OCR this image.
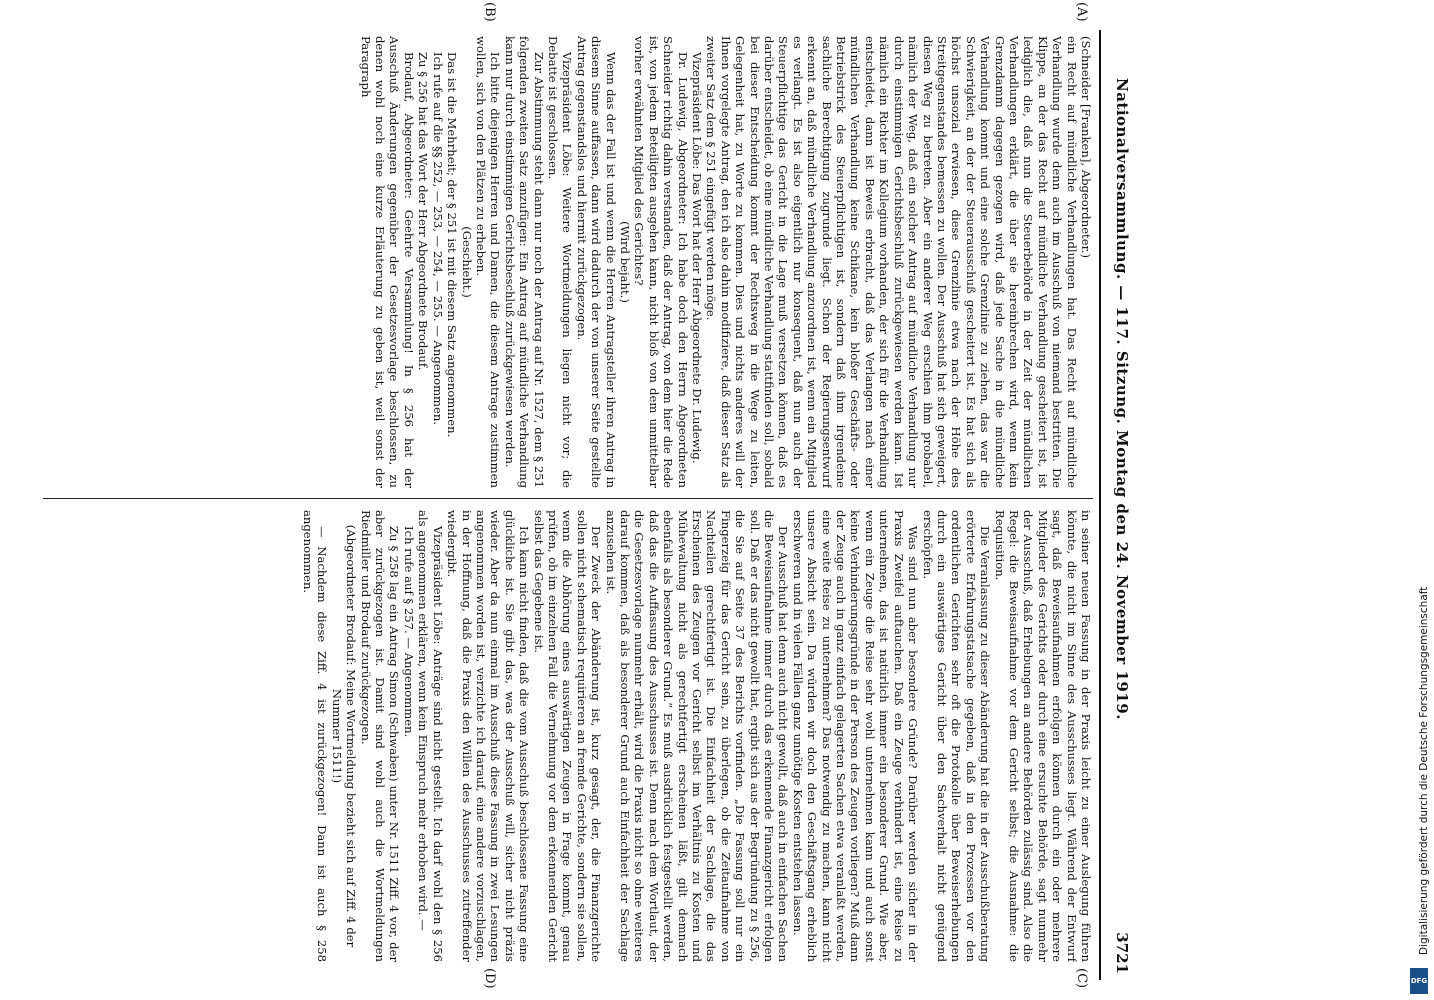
Nationalversammlung. — 117. Sitzung. Montag den 24. November 1919.
3721
(A)
(B)
(C)
(D)

(Schneider [Franken], Abgeordneter.)

ein Recht auf mündliche Verhandlungen hat. Das Recht auf mündliche Verhandlung wurde denn auch im Ausschuß von niemand bestritten. Die Klippe, an der das Recht auf mündliche Verhandlung gescheitert ist, ist lediglich die, daß nun die Steuerbehörde in der Zeit der mündlichen Verhandlungen erklärt, die über sie hereinbrechen wird, wenn kein Grenzdamm dagegen gezogen wird, daß jede Sache in die mündliche Verhandlung kommt und eine solche Grenzlinie zu ziehen, das war die Schwierigkeit, an der der Steuerausschuß gescheitert ist. Es hat sich als höchst unsozial erwiesen, diese Grenzlinie etwa nach der Höhe des Streitgegenstandes bemessen zu wollen. Der Ausschuß hat sich geweigert, diesen Weg zu betreten. Aber ein anderer Weg erschien ihm probabel, nämlich der Weg, daß ein solcher Antrag auf mündliche Verhandlung nur durch einstimmigen Gerichtsbeschluß zurückgewiesen werden kann. Ist nämlich ein Richter im Kollegium vorhanden, der sich für die Verhandlung entscheidet, dann ist Beweis erbracht, daß das Verlangen nach einer mündlichen Verhandlung keine Schikane, kein bloßer Geschäfts- oder Betriebstrick des Steuerpflichtigen ist, sondern daß ihm irgendeine sachliche Berechtigung zugrunde liegt. Schon der Regierungsentwurf erkennt an, daß mündliche Verhandlung anzuordnen ist, wenn ein Mitglied es verlangt. Es ist also eigentlich nur konsequent, daß nun auch der Steuerpflichtige das Gericht in die Lage muß versetzen können, daß es darüber entscheidet, ob eine mündliche Verhandlung stattfinden soll, sobald bei dieser Entscheidung kommt der Rechtsweg in die Wege zu leiten, Gelegenheit hat, zu Worte zu kommen. Dies und nichts anderes will der Ihnen vorgelegte Antrag, den ich also dahin modifiziere, daß dieser Satz als zweiter Satz dem § 251 eingefügt werden möge.

Vizepräsident Löbe: Das Wort hat der Herr Abgeordnete Dr. Ludewig.

Dr. Ludewig, Abgeordneter: Ich habe doch den Herrn Abgeordneten Schneider richtig dahin verstanden, daß der Antrag, von dem hier die Rede ist, von jedem Beteiligten ausgehen kann, nicht bloß von dem unmittelbar vorher erwähnten Mitglied des Gerichtes?

(Wird bejaht.)

Wenn das der Fall ist und wenn die Herren Antragsteller ihren Antrag in diesem Sinne auffassen, dann wird dadurch der von unserer Seite gestellte Antrag gegenstandslos und hiermit zurückgezogen.

Vizepräsident Löbe: Weitere Wortmeldungen liegen nicht vor; die Debatte ist geschlossen.

Zur Abstimmung steht dann nur noch der Antrag auf Nr. 1527, dem § 251 folgenden zweiten Satz anzufügen: Ein Antrag auf mündliche Verhandlung kann nur durch einstimmigen Gerichtsbeschluß zurückgewiesen werden.

Ich bitte diejenigen Herren und Damen, die diesem Antrage zustimmen wollen, sich von den Plätzen zu erheben.

(Geschieht.)

Das ist die Mehrheit; der § 251 ist mit diesem Satz angenommen.

Ich rufe auf die §§ 252, — 253, — 254, — 255. — Angenommen.

Zu § 256 hat das Wort der Herr Abgeordnete Brodauf.

Brodauf, Abgeordneter: Geehrte Versammlung! In § 256 hat der Ausschuß Änderungen gegenüber der Gesetzesvorlage beschlossen, zu denen wohl noch eine kurze Erläuterung zu geben ist, weil sonst der Paragraph

in seiner neuen Fassung in der Praxis leicht zu einer Auslegung führen könnte, die nicht im Sinne des Ausschusses liegt. Während der Entwurf sagt, daß Beweisaufnahmen erfolgen können durch ein oder mehrere Mitglieder des Gerichts oder durch eine ersuchte Behörde, sagt nunmehr der Ausschuß, daß Erhebungen an andere Behörden zulässig sind. Also die Regel: die Beweisaufnahme vor dem Gericht selbst; die Ausnahme: die Requisition.

Die Veranlassung zu dieser Abänderung hat die in der Ausschußberatung erörterte Erfahrungstatsache gegeben, daß in den Prozessen vor den ordentlichen Gerichten sehr oft die Protokolle über Beweiserhebungen durch ein auswärtiges Gericht über den Sachverhalt nicht genügend erschöpfen.

Was sind nun aber besondere Gründe? Darüber werden sicher in der Praxis Zweifel auftauchen. Daß ein Zeuge verhindert ist, eine Reise zu unternehmen, das ist natürlich immer ein besonderer Grund. Wie aber, wenn ein Zeuge die Reise sehr wohl unternehmen kann und auch sonst keine Verhinderungsgründe in der Person des Zeugen vorliegen? Muß dann der Zeuge auch in ganz einfach gelagerten Sachen etwa veranlaßt werden, eine weite Reise zu unternehmen? Das notwendig zu machen, kann nicht unsere Absicht sein. Da würden wir doch den Geschäftsgang erheblich erschweren und in vielen Fällen ganz unnötige Kosten entstehen lassen.

Der Ausschuß hat denn auch nicht gewollt, daß auch in einfachen Sachen die Beweisaufnahme immer durch das erkennende Finanzgericht erfolgen soll. Daß er das nicht gewollt hat, ergibt sich aus der Begründung zu § 256, die Sie auf Seite 37 des Berichts vorfinden. „Die Fassung soll nur ein Fingerzeig für das Gericht sein, zu überlegen, ob die Zeitaufnahme von Nachteilen gerechtfertigt ist. Die Einfachheit der Sachlage, die das Erscheinen des Zeugen vor Gericht selbst im Verhältnis zu Kosten und Mühewaltung nicht als gerechtfertigt erscheinen läßt, gilt demnach ebenfalls als besonderer Grund.“ Es muß ausdrücklich festgestellt werden, daß das die Auffassung des Ausschusses ist. Denn nach dem Wortlaut, der die Gesetzesvorlage nunmehr erhält, wird die Praxis nicht so ohne weiteres darauf kommen, daß als besonderer Grund auch Einfachheit der Sachlage anzusehen ist.

Der Zweck der Abänderung ist, kurz gesagt, der, die Finanzgerichte sollen nicht schematisch requirieren an fremde Gerichte, sondern sie sollen, wenn die Abhörung eines auswärtigen Zeugen in Frage kommt, genau prüfen, ob im einzelnen Fall die Vernehmung vor dem erkennenden Gericht selbst das Gegebene ist.

Ich kann nicht finden, daß die vom Ausschuß beschlossene Fassung eine glückliche ist. Sie gibt das, was der Ausschuß will, sicher nicht präzis wieder. Aber da nun einmal im Ausschuß diese Fassung in zwei Lesungen angenommen worden ist, verzichte ich darauf, eine andere vorzuschlagen, in der Hoffnung, daß die Praxis den Willen des Ausschusses zutreffender wiedergibt.

Vizepräsident Löbe: Anträge sind nicht gestellt. Ich darf wohl den § 256 als angenommen erklären, wenn kein Einspruch mehr erhoben wird. —

Ich rufe auf § 257. — Angenommen.

Zu § 258 lag ein Antrag Simon (Schwaben) unter Nr. 1511 Ziff. 4 vor, der aber zurückgezogen ist. Damit sind wohl auch die Wortmeldungen Riedmiller und Brodauf zurückgezogen.

(Abgeordneter Brodauf: Meine Wortmeldung bezieht sich auf Ziff. 4 der Nummer 1511!)

— Nachdem diese Ziff. 4 ist zurückgezogen! Dann ist auch § 258 angenommen.

Digitalisierung gefördert durch die Deutsche Forschungsgemeinschaft
DFG
